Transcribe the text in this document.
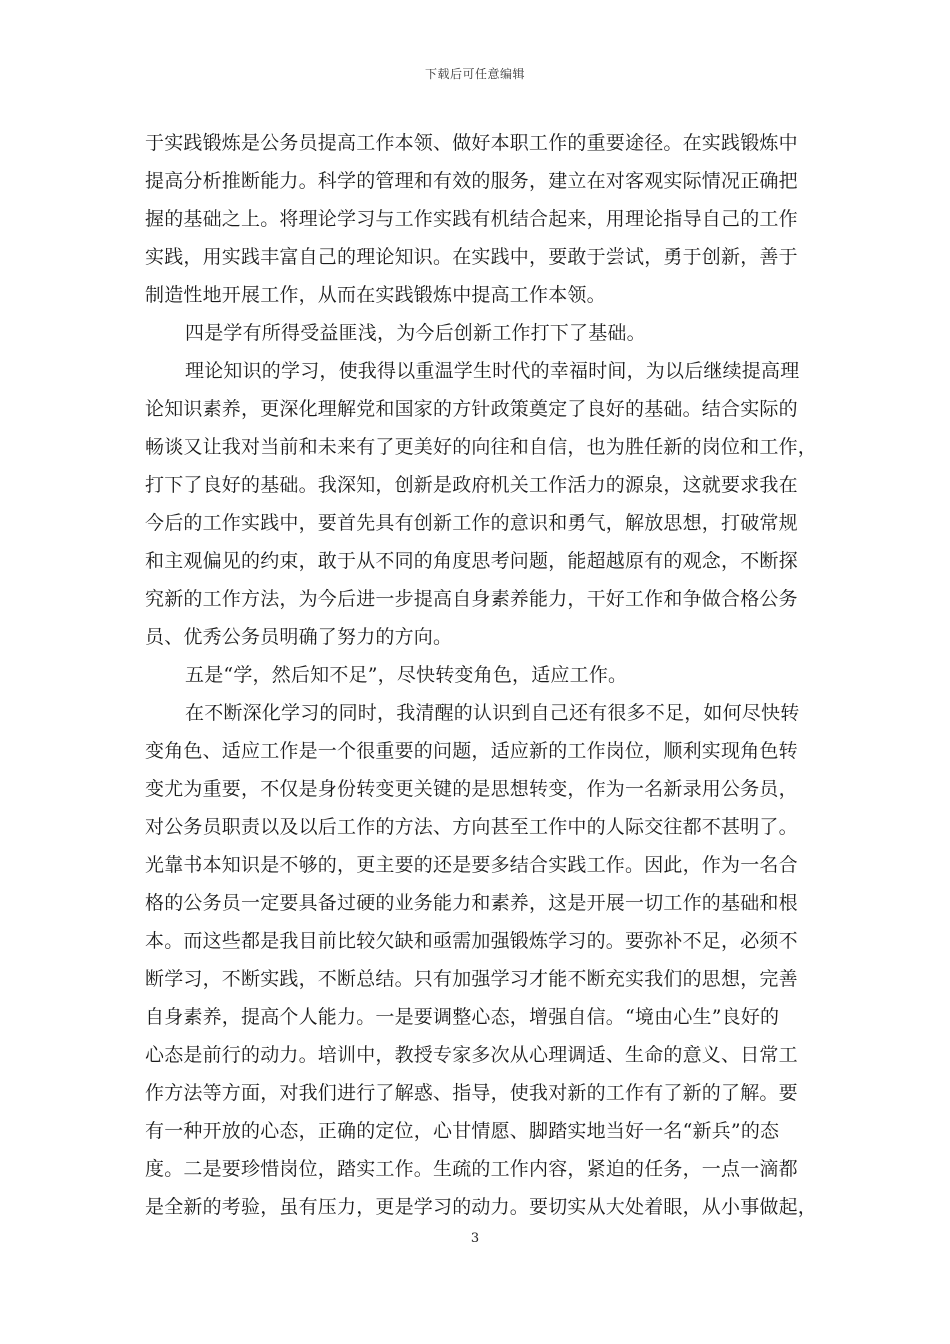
下载后可任意编辑
于实践锻炼是公务员提高工作本领、做好本职工作的重要途径。在实践锻炼中
提高分析推断能力。科学的管理和有效的服务，建立在对客观实际情况正确把
握的基础之上。将理论学习与工作实践有机结合起来，用理论指导自己的工作
实践，用实践丰富自己的理论知识。在实践中，要敢于尝试，勇于创新，善于
制造性地开展工作，从而在实践锻炼中提高工作本领。
四是学有所得受益匪浅，为今后创新工作打下了基础。
理论知识的学习，使我得以重温学生时代的幸福时间，为以后继续提高理
论知识素养，更深化理解党和国家的方针政策奠定了良好的基础。结合实际的
畅谈又让我对当前和未来有了更美好的向往和自信，也为胜任新的岗位和工作，
打下了良好的基础。我深知，创新是政府机关工作活力的源泉，这就要求我在
今后的工作实践中，要首先具有创新工作的意识和勇气，解放思想，打破常规
和主观偏见的约束，敢于从不同的角度思考问题，能超越原有的观念，不断探
究新的工作方法，为今后进一步提高自身素养能力，干好工作和争做合格公务
员、优秀公务员明确了努力的方向。
五是“学，然后知不足”，尽快转变角色，适应工作。
在不断深化学习的同时，我清醒的认识到自己还有很多不足，如何尽快转
变角色、适应工作是一个很重要的问题，适应新的工作岗位，顺利实现角色转
变尤为重要，不仅是身份转变更关键的是思想转变，作为一名新录用公务员，
对公务员职责以及以后工作的方法、方向甚至工作中的人际交往都不甚明了。
光靠书本知识是不够的，更主要的还是要多结合实践工作。因此，作为一名合
格的公务员一定要具备过硬的业务能力和素养，这是开展一切工作的基础和根
本。而这些都是我目前比较欠缺和亟需加强锻炼学习的。要弥补不足，必须不
断学习，不断实践，不断总结。只有加强学习才能不断充实我们的思想，完善
自身素养，提高个人能力。一是要调整心态，增强自信。“境由心生”良好的
心态是前行的动力。培训中，教授专家多次从心理调适、生命的意义、日常工
作方法等方面，对我们进行了解惑、指导，使我对新的工作有了新的了解。要
有一种开放的心态，正确的定位，心甘情愿、脚踏实地当好一名“新兵”的态
度。二是要珍惜岗位，踏实工作。生疏的工作内容，紧迫的任务，一点一滴都
是全新的考验，虽有压力，更是学习的动力。要切实从大处着眼，从小事做起，
3
